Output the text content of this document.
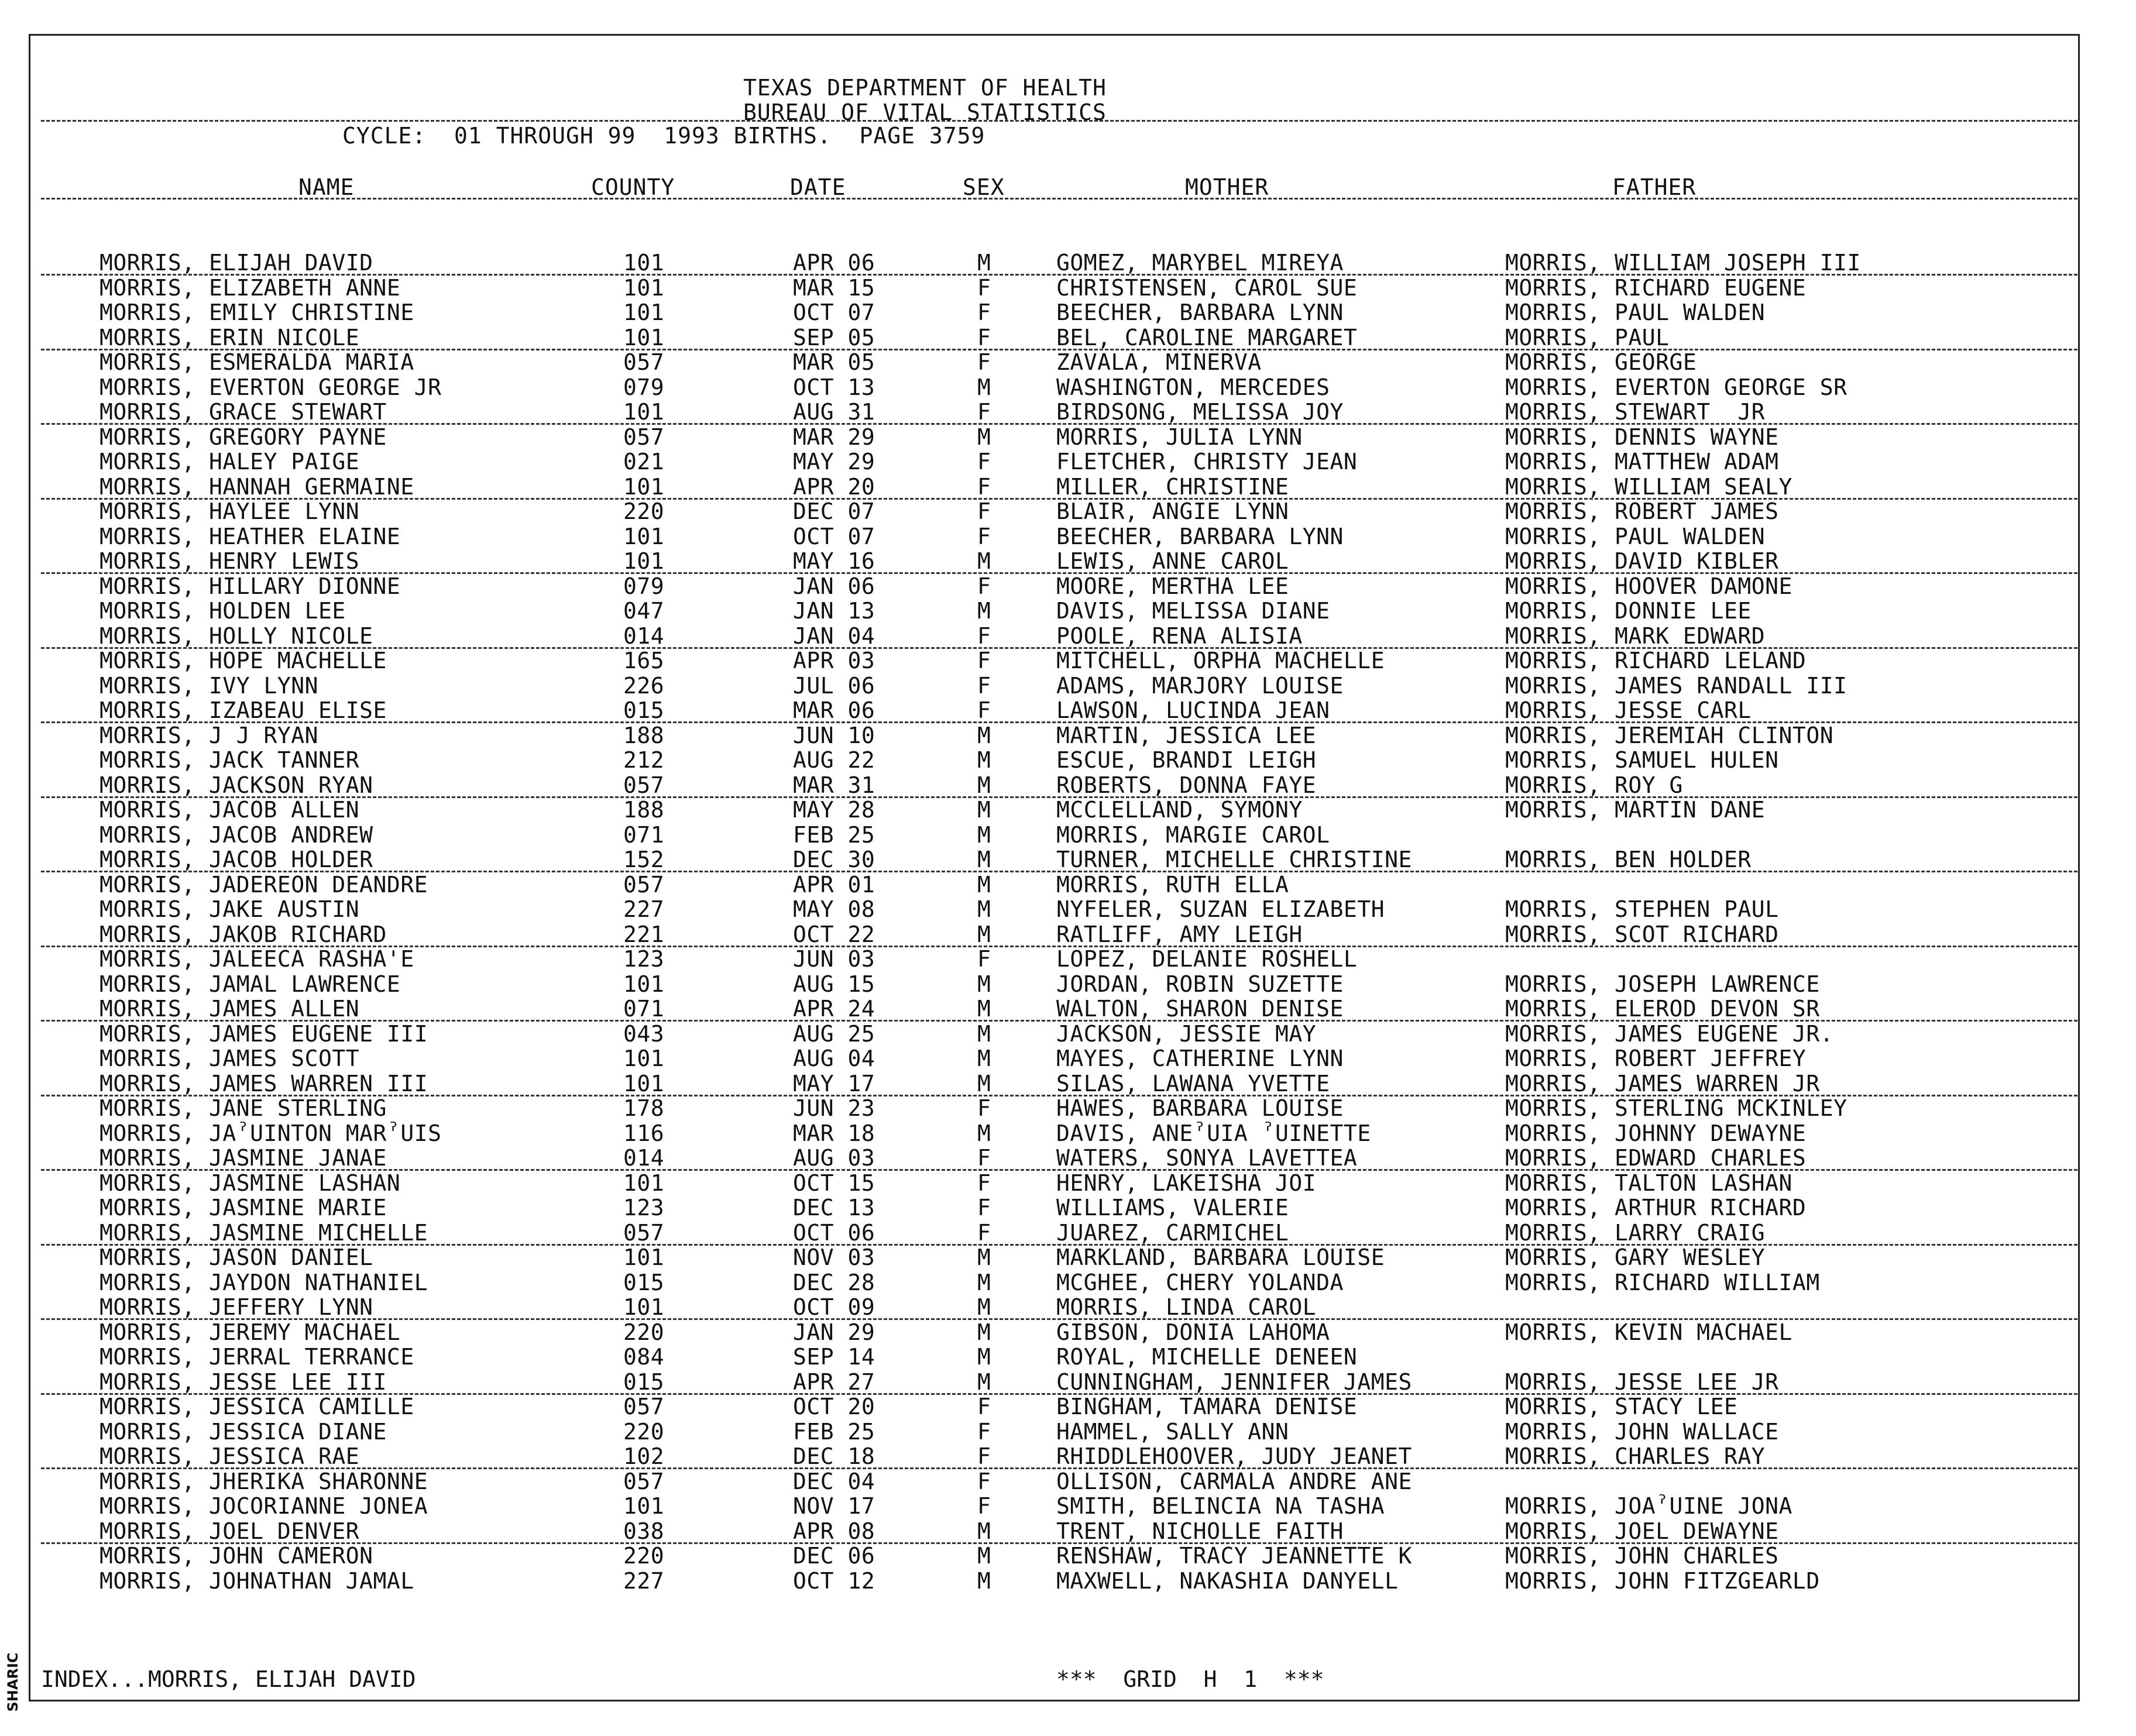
SHARIC
TEXAS DEPARTMENT OF HEALTH
BUREAU OF VITAL STATISTICS
CYCLE:  01 THROUGH 99  1993 BIRTHS.  PAGE 3759
NAME	COUNTY	DATE	SEX	MOTHER	FATHER
MORRIS, ELIJAH DAVID	101	APR 06	M	GOMEZ, MARYBEL MIREYA	MORRIS, WILLIAM JOSEPH III
MORRIS, ELIZABETH ANNE	101	MAR 15	F	CHRISTENSEN, CAROL SUE	MORRIS, RICHARD EUGENE
MORRIS, EMILY CHRISTINE	101	OCT 07	F	BEECHER, BARBARA LYNN	MORRIS, PAUL WALDEN
MORRIS, ERIN NICOLE	101	SEP 05	F	BEL, CAROLINE MARGARET	MORRIS, PAUL
MORRIS, ESMERALDA MARIA	057	MAR 05	F	ZAVALA, MINERVA	MORRIS, GEORGE
MORRIS, EVERTON GEORGE JR	079	OCT 13	M	WASHINGTON, MERCEDES	MORRIS, EVERTON GEORGE SR
MORRIS, GRACE STEWART	101	AUG 31	F	BIRDSONG, MELISSA JOY	MORRIS, STEWART  JR
MORRIS, GREGORY PAYNE	057	MAR 29	M	MORRIS, JULIA LYNN	MORRIS, DENNIS WAYNE
MORRIS, HALEY PAIGE	021	MAY 29	F	FLETCHER, CHRISTY JEAN	MORRIS, MATTHEW ADAM
MORRIS, HANNAH GERMAINE	101	APR 20	F	MILLER, CHRISTINE	MORRIS, WILLIAM SEALY
MORRIS, HAYLEE LYNN	220	DEC 07	F	BLAIR, ANGIE LYNN	MORRIS, ROBERT JAMES
MORRIS, HEATHER ELAINE	101	OCT 07	F	BEECHER, BARBARA LYNN	MORRIS, PAUL WALDEN
MORRIS, HENRY LEWIS	101	MAY 16	M	LEWIS, ANNE CAROL	MORRIS, DAVID KIBLER
MORRIS, HILLARY DIONNE	079	JAN 06	F	MOORE, MERTHA LEE	MORRIS, HOOVER DAMONE
MORRIS, HOLDEN LEE	047	JAN 13	M	DAVIS, MELISSA DIANE	MORRIS, DONNIE LEE
MORRIS, HOLLY NICOLE	014	JAN 04	F	POOLE, RENA ALISIA	MORRIS, MARK EDWARD
MORRIS, HOPE MACHELLE	165	APR 03	F	MITCHELL, ORPHA MACHELLE	MORRIS, RICHARD LELAND
MORRIS, IVY LYNN	226	JUL 06	F	ADAMS, MARJORY LOUISE	MORRIS, JAMES RANDALL III
MORRIS, IZABEAU ELISE	015	MAR 06	F	LAWSON, LUCINDA JEAN	MORRIS, JESSE CARL
MORRIS, J J RYAN	188	JUN 10	M	MARTIN, JESSICA LEE	MORRIS, JEREMIAH CLINTON
MORRIS, JACK TANNER	212	AUG 22	M	ESCUE, BRANDI LEIGH	MORRIS, SAMUEL HULEN
MORRIS, JACKSON RYAN	057	MAR 31	M	ROBERTS, DONNA FAYE	MORRIS, ROY G
MORRIS, JACOB ALLEN	188	MAY 28	M	MCCLELLAND, SYMONY	MORRIS, MARTIN DANE
MORRIS, JACOB ANDREW	071	FEB 25	M	MORRIS, MARGIE CAROL
MORRIS, JACOB HOLDER	152	DEC 30	M	TURNER, MICHELLE CHRISTINE	MORRIS, BEN HOLDER
MORRIS, JADEREON DEANDRE	057	APR 01	M	MORRIS, RUTH ELLA
MORRIS, JAKE AUSTIN	227	MAY 08	M	NYFELER, SUZAN ELIZABETH	MORRIS, STEPHEN PAUL
MORRIS, JAKOB RICHARD	221	OCT 22	M	RATLIFF, AMY LEIGH	MORRIS, SCOT RICHARD
MORRIS, JALEECA RASHA'E	123	JUN 03	F	LOPEZ, DELANIE ROSHELL
MORRIS, JAMAL LAWRENCE	101	AUG 15	M	JORDAN, ROBIN SUZETTE	MORRIS, JOSEPH LAWRENCE
MORRIS, JAMES ALLEN	071	APR 24	M	WALTON, SHARON DENISE	MORRIS, ELEROD DEVON SR
MORRIS, JAMES EUGENE III	043	AUG 25	M	JACKSON, JESSIE MAY	MORRIS, JAMES EUGENE JR.
MORRIS, JAMES SCOTT	101	AUG 04	M	MAYES, CATHERINE LYNN	MORRIS, ROBERT JEFFREY
MORRIS, JAMES WARREN III	101	MAY 17	M	SILAS, LAWANA YVETTE	MORRIS, JAMES WARREN JR
MORRIS, JANE STERLING	178	JUN 23	F	HAWES, BARBARA LOUISE	MORRIS, STERLING MCKINLEY
MORRIS, JAˀUINTON MARˀUIS	116	MAR 18	M	DAVIS, ANEˀUIA ˀUINETTE	MORRIS, JOHNNY DEWAYNE
MORRIS, JASMINE JANAE	014	AUG 03	F	WATERS, SONYA LAVETTEA	MORRIS, EDWARD CHARLES
MORRIS, JASMINE LASHAN	101	OCT 15	F	HENRY, LAKEISHA JOI	MORRIS, TALTON LASHAN
MORRIS, JASMINE MARIE	123	DEC 13	F	WILLIAMS, VALERIE	MORRIS, ARTHUR RICHARD
MORRIS, JASMINE MICHELLE	057	OCT 06	F	JUAREZ, CARMICHEL	MORRIS, LARRY CRAIG
MORRIS, JASON DANIEL	101	NOV 03	M	MARKLAND, BARBARA LOUISE	MORRIS, GARY WESLEY
MORRIS, JAYDON NATHANIEL	015	DEC 28	M	MCGHEE, CHERY YOLANDA	MORRIS, RICHARD WILLIAM
MORRIS, JEFFERY LYNN	101	OCT 09	M	MORRIS, LINDA CAROL
MORRIS, JEREMY MACHAEL	220	JAN 29	M	GIBSON, DONIA LAHOMA	MORRIS, KEVIN MACHAEL
MORRIS, JERRAL TERRANCE	084	SEP 14	M	ROYAL, MICHELLE DENEEN
MORRIS, JESSE LEE III	015	APR 27	M	CUNNINGHAM, JENNIFER JAMES	MORRIS, JESSE LEE JR
MORRIS, JESSICA CAMILLE	057	OCT 20	F	BINGHAM, TAMARA DENISE	MORRIS, STACY LEE
MORRIS, JESSICA DIANE	220	FEB 25	F	HAMMEL, SALLY ANN	MORRIS, JOHN WALLACE
MORRIS, JESSICA RAE	102	DEC 18	F	RHIDDLEHOOVER, JUDY JEANET	MORRIS, CHARLES RAY
MORRIS, JHERIKA SHARONNE	057	DEC 04	F	OLLISON, CARMALA ANDRE ANE
MORRIS, JOCORIANNE JONEA	101	NOV 17	F	SMITH, BELINCIA NA TASHA	MORRIS, JOAˀUINE JONA
MORRIS, JOEL DENVER	038	APR 08	M	TRENT, NICHOLLE FAITH	MORRIS, JOEL DEWAYNE
MORRIS, JOHN CAMERON	220	DEC 06	M	RENSHAW, TRACY JEANNETTE K	MORRIS, JOHN CHARLES
MORRIS, JOHNATHAN JAMAL	227	OCT 12	M	MAXWELL, NAKASHIA DANYELL	MORRIS, JOHN FITZGEARLD
INDEX...MORRIS, ELIJAH DAVID	***  GRID  H  1  ***
